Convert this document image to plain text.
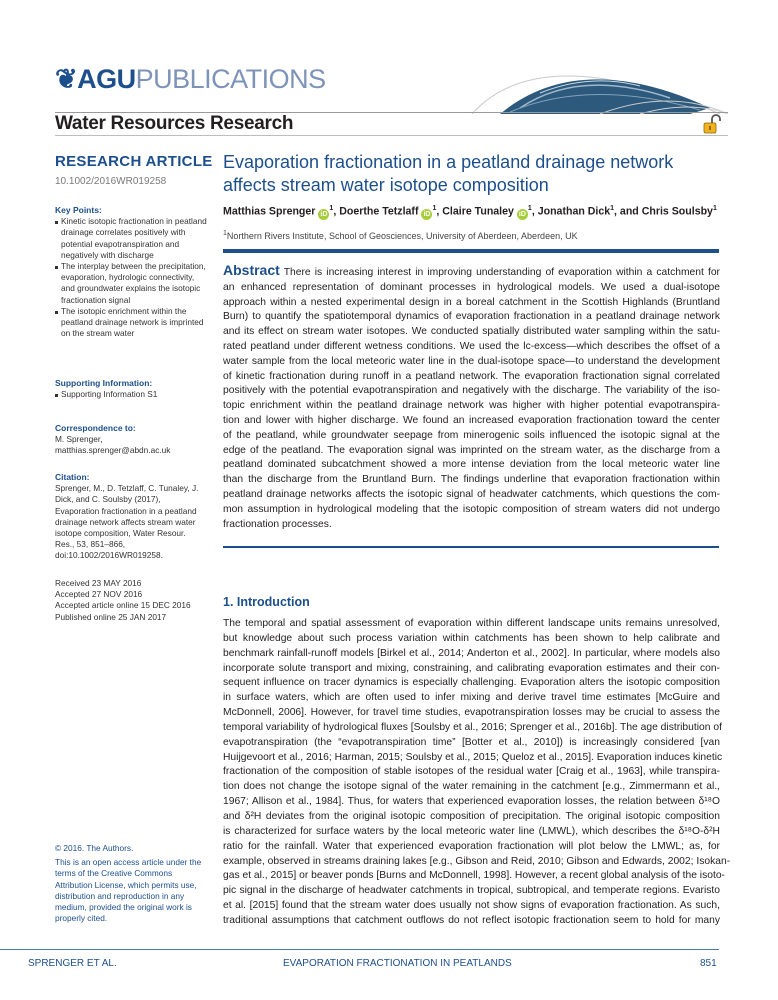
❦AGUPUBLICATIONS
Water Resources Research
RESEARCH ARTICLE
10.1002/2016WR019258
Evaporation fractionation in a peatland drainage network
affects stream water isotope composition
Matthias Sprenger $iD^1$, Doerthe Tetzlaff $iD^1$, Claire Tunaley $iD^1$, Jonathan Dick$^1$, and Chris Soulsby$^1$
$^1$Northern Rivers Institute, School of Geosciences, University of Aberdeen, Aberdeen, UK
Abstract There is increasing interest in improving understanding of evaporation within a catchment for
an enhanced representation of dominant processes in hydrological models. We used a dual-isotope
approach within a nested experimental design in a boreal catchment in the Scottish Highlands (Bruntland
Burn) to quantify the spatiotemporal dynamics of evaporation fractionation in a peatland drainage network
and its effect on stream water isotopes. We conducted spatially distributed water sampling within the satu-
rated peatland under different wetness conditions. We used the lc-excess—which describes the offset of a
water sample from the local meteoric water line in the dual-isotope space—to understand the development
of kinetic fractionation during runoff in a peatland network. The evaporation fractionation signal correlated
positively with the potential evapotranspiration and negatively with the discharge. The variability of the iso-
topic enrichment within the peatland drainage network was higher with higher potential evapotranspira-
tion and lower with higher discharge. We found an increased evaporation fractionation toward the center
of the peatland, while groundwater seepage from minerogenic soils influenced the isotopic signal at the
edge of the peatland. The evaporation signal was imprinted on the stream water, as the discharge from a
peatland dominated subcatchment showed a more intense deviation from the local meteoric water line
than the discharge from the Bruntland Burn. The findings underline that evaporation fractionation within
peatland drainage networks affects the isotopic signal of headwater catchments, which questions the com-
mon assumption in hydrological modeling that the isotopic composition of stream waters did not undergo
fractionation processes.
1. Introduction
The temporal and spatial assessment of evaporation within different landscape units remains unresolved,
but knowledge about such process variation within catchments has been shown to help calibrate and
benchmark rainfall-runoff models [Birkel et al., 2014; Anderton et al., 2002]. In particular, where models also
incorporate solute transport and mixing, constraining, and calibrating evaporation estimates and their con-
sequent influence on tracer dynamics is especially challenging. Evaporation alters the isotopic composition
in surface waters, which are often used to infer mixing and derive travel time estimates [McGuire and
McDonnell, 2006]. However, for travel time studies, evapotranspiration losses may be crucial to assess the
temporal variability of hydrological fluxes [Soulsby et al., 2016; Sprenger et al., 2016b]. The age distribution of
evapotranspiration (the “evapotranspiration time” [Botter et al., 2010]) is increasingly considered [van
Huijgevoort et al., 2016; Harman, 2015; Soulsby et al., 2015; Queloz et al., 2015]. Evaporation induces kinetic
fractionation of the composition of stable isotopes of the residual water [Craig et al., 1963], while transpira-
tion does not change the isotope signal of the water remaining in the catchment [e.g., Zimmermann et al.,
1967; Allison et al., 1984]. Thus, for waters that experienced evaporation losses, the relation between δ¹⁸O
and δ²H deviates from the original isotopic composition of precipitation. The original isotopic composition
is characterized for surface waters by the local meteoric water line (LMWL), which describes the δ¹⁸O-δ²H
ratio for the rainfall. Water that experienced evaporation fractionation will plot below the LMWL; as, for
example, observed in streams draining lakes [e.g., Gibson and Reid, 2010; Gibson and Edwards, 2002; Isokan-
gas et al., 2015] or beaver ponds [Burns and McDonnell, 1998]. However, a recent global analysis of the isoto-
pic signal in the discharge of headwater catchments in tropical, subtropical, and temperate regions. Evaristo
et al. [2015] found that the stream water does usually not show signs of evaporation fractionation. As such,
traditional assumptions that catchment outflows do not reflect isotopic fractionation seem to hold for many
Key Points:
Kinetic isotopic fractionation in peatland drainage correlates positively with potential evapotranspiration and negatively with discharge
The interplay between the precipitation, evaporation, hydrologic connectivity, and groundwater explains the isotopic fractionation signal
The isotopic enrichment within the peatland drainage network is imprinted on the stream water
Supporting Information:
Supporting Information S1
Correspondence to:

M. Sprenger,

matthias.sprenger@abdn.ac.uk

Citation:

Sprenger, M., D. Tetzlaff, C. Tunaley, J. Dick, and C. Soulsby (2017), Evaporation fractionation in a peatland drainage network affects stream water isotope composition, Water Resour. Res., 53, 851–866, doi:10.1002/2016WR019258.

Received 23 MAY 2016

Accepted 27 NOV 2016

Accepted article online 15 DEC 2016

Published online 25 JAN 2017

© 2016. The Authors.

This is an open access article under the terms of the Creative Commons Attribution License, which permits use, distribution and reproduction in any medium, provided the original work is properly cited.

SPRENGER ET AL.	EVAPORATION FRACTIONATION IN PEATLANDS	851
